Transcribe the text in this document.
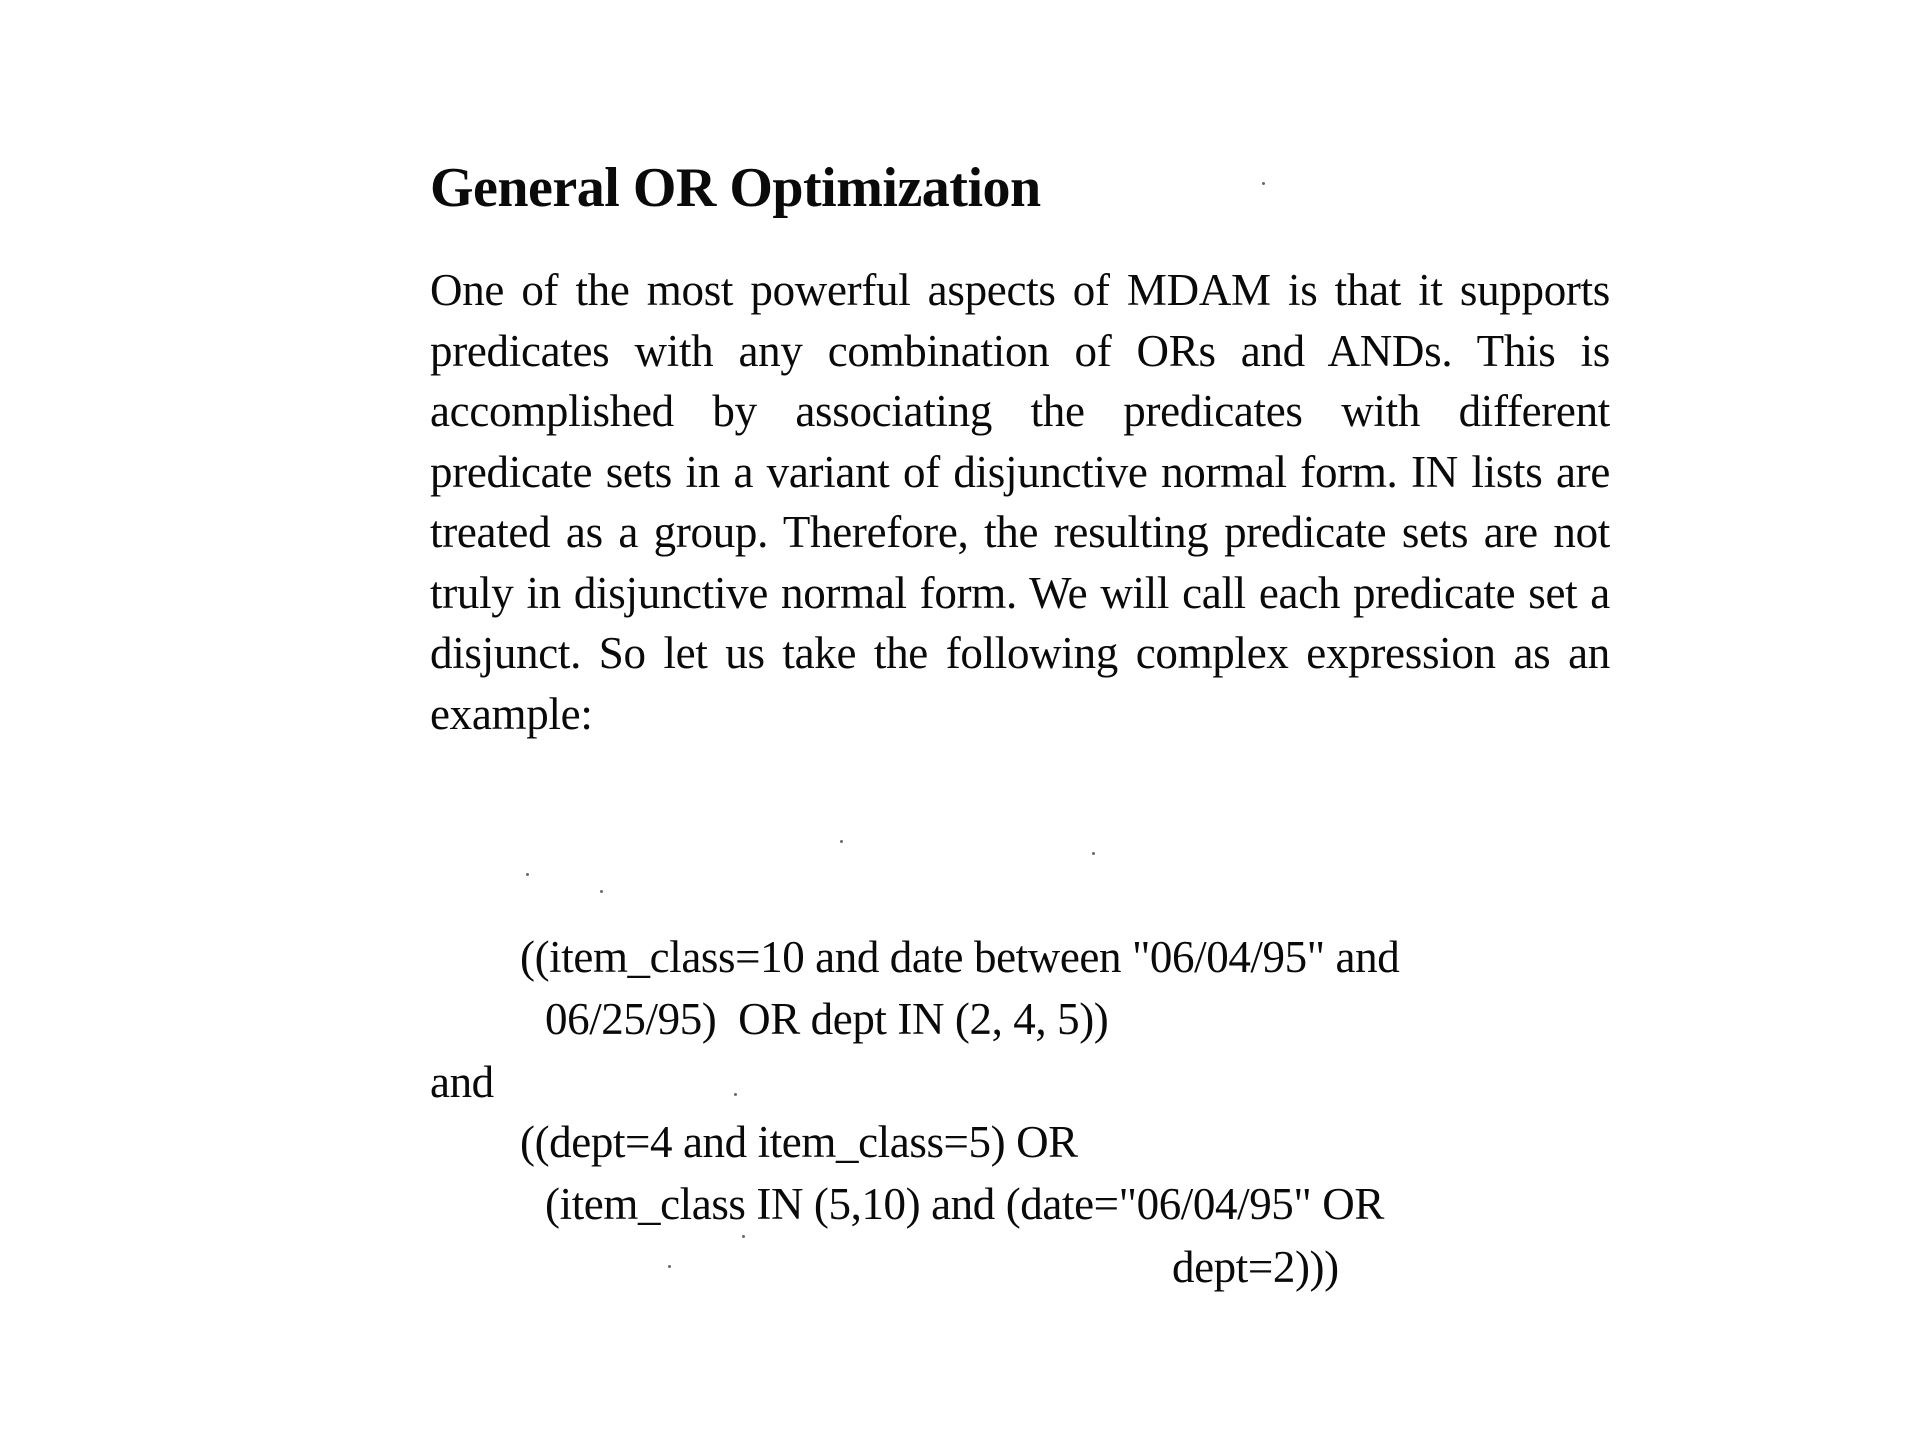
General OR Optimization

One of the most powerful aspects of MDAM is that it supports predicates with any combination of ORs and ANDs. This is accomplished by associating the predicates with different predicate sets in a variant of disjunctive normal form. IN lists are treated as a group. Therefore, the resulting predicate sets are not truly in disjunctive normal form. We will call each predicate set a disjunct. So let us take the following complex expression as an example:

((item_class=10 and date between "06/04/95" and
06/25/95)  OR dept IN (2, 4, 5))
and
((dept=4 and item_class=5) OR
(item_class IN (5,10) and (date="06/04/95" OR
dept=2)))
